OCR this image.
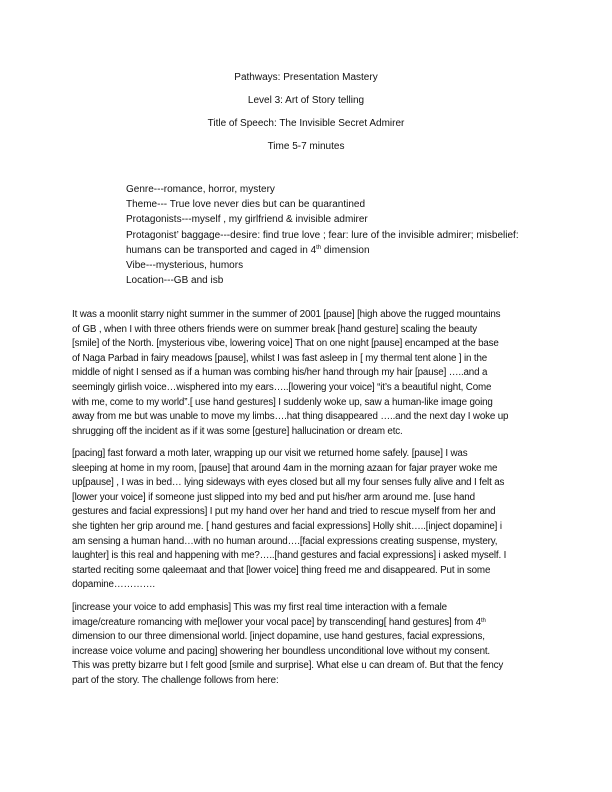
Pathways: Presentation Mastery
Level 3: Art of Story telling
Title of Speech: The Invisible Secret Admirer
Time 5-7 minutes
Genre---romance, horror, mystery
Theme--- True love never dies but can be quarantined
Protagonists---myself , my girlfriend & invisible admirer
Protagonist’ baggage---desire: find true love ; fear: lure of the invisible admirer; misbelief:
humans can be transported and caged in 4th dimension
Vibe---mysterious, humors
Location---GB and isb
It was a moonlit starry night summer in the summer of 2001 [pause] [high above the rugged mountains
of GB , when I with three others friends were on summer break [hand gesture] scaling the beauty
[smile] of the North. [mysterious vibe, lowering voice] That on one night [pause] encamped at the base
of Naga Parbad in fairy meadows [pause], whilst I was fast asleep in [ my thermal tent alone ] in the
middle of night I sensed as if a human was combing his/her hand through my hair [pause] …..and a
seemingly girlish voice…wisphered into my ears…..[lowering your voice] “it’s a beautiful night, Come
with me, come to my world”.[ use hand gestures] I suddenly woke up, saw a human-like image going
away from me but was unable to move my limbs….hat thing disappeared …..and the next day I woke up
shrugging off the incident as if it was some [gesture] hallucination or dream etc.
[pacing] fast forward a moth later, wrapping up our visit we returned home safely. [pause] I was
sleeping at home in my room, [pause] that around 4am in the morning azaan for fajar prayer woke me
up[pause] , I was in bed… lying sideways with eyes closed but all my four senses fully alive and I felt as
[lower your voice] if someone just slipped into my bed and put his/her arm around me. [use hand
gestures and facial expressions] I put my hand over her hand and tried to rescue myself from her and
she tighten her grip around me. [ hand gestures and facial expressions] Holly shit…..[inject dopamine] i
am sensing a human hand…with no human around….[facial expressions creating suspense, mystery,
laughter] is this real and happening with me?…..[hand gestures and facial expressions] i asked myself. I
started reciting some qaleemaat and that [lower voice] thing freed me and disappeared. Put in some
dopamine………….
[increase your voice to add emphasis] This was my first real time interaction with a female
image/creature romancing with me[lower your vocal pace] by transcending[ hand gestures] from 4th
dimension to our three dimensional world. [inject dopamine, use hand gestures, facial expressions,
increase voice volume and pacing] showering her boundless unconditional love without my consent.
This was pretty bizarre but I felt good [smile and surprise]. What else u can dream of. But that the fency
part of the story. The challenge follows from here:
